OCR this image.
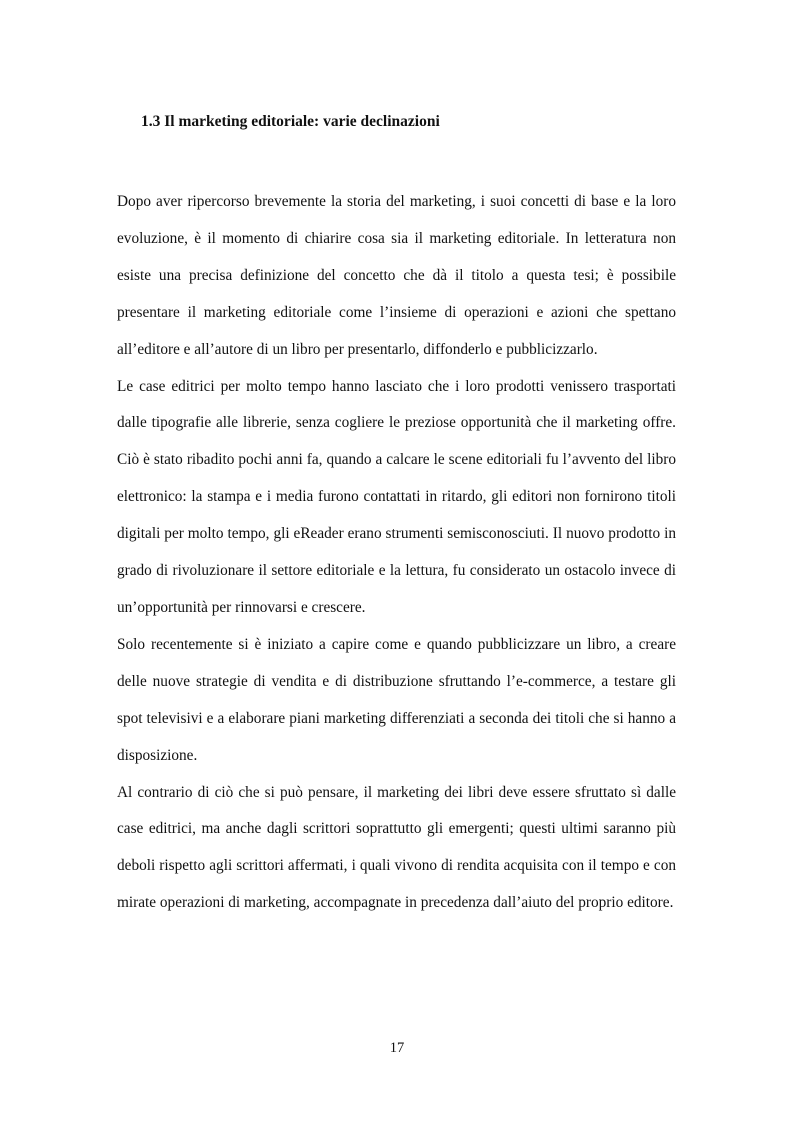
1.3 Il marketing editoriale: varie declinazioni

Dopo aver ripercorso brevemente la storia del marketing, i suoi concetti di base e la loro evoluzione, è il momento di chiarire cosa sia il marketing editoriale. In letteratura non esiste una precisa definizione del concetto che dà il titolo a questa tesi; è possibile presentare il marketing editoriale come l’insieme di operazioni e azioni che spettano all’editore e all’autore di un libro per presentarlo, diffonderlo e pubblicizzarlo.

Le case editrici per molto tempo hanno lasciato che i loro prodotti venissero trasportati dalle tipografie alle librerie, senza cogliere le preziose opportunità che il marketing offre. Ciò è stato ribadito pochi anni fa, quando a calcare le scene editoriali fu l’avvento del libro elettronico: la stampa e i media furono contattati in ritardo, gli editori non fornirono titoli digitali per molto tempo, gli eReader erano strumenti semisconosciuti. Il nuovo prodotto in grado di rivoluzionare il settore editoriale e la lettura, fu considerato un ostacolo invece di un’opportunità per rinnovarsi e crescere.

Solo recentemente si è iniziato a capire come e quando pubblicizzare un libro, a creare delle nuove strategie di vendita e di distribuzione sfruttando l’e-commerce, a testare gli spot televisivi e a elaborare piani marketing differenziati a seconda dei titoli che si hanno a disposizione.

Al contrario di ciò che si può pensare, il marketing dei libri deve essere sfruttato sì dalle case editrici, ma anche dagli scrittori soprattutto gli emergenti; questi ultimi saranno più deboli rispetto agli scrittori affermati, i quali vivono di rendita acquisita con il tempo e con mirate operazioni di marketing, accompagnate in precedenza dall’aiuto del proprio editore.

17
